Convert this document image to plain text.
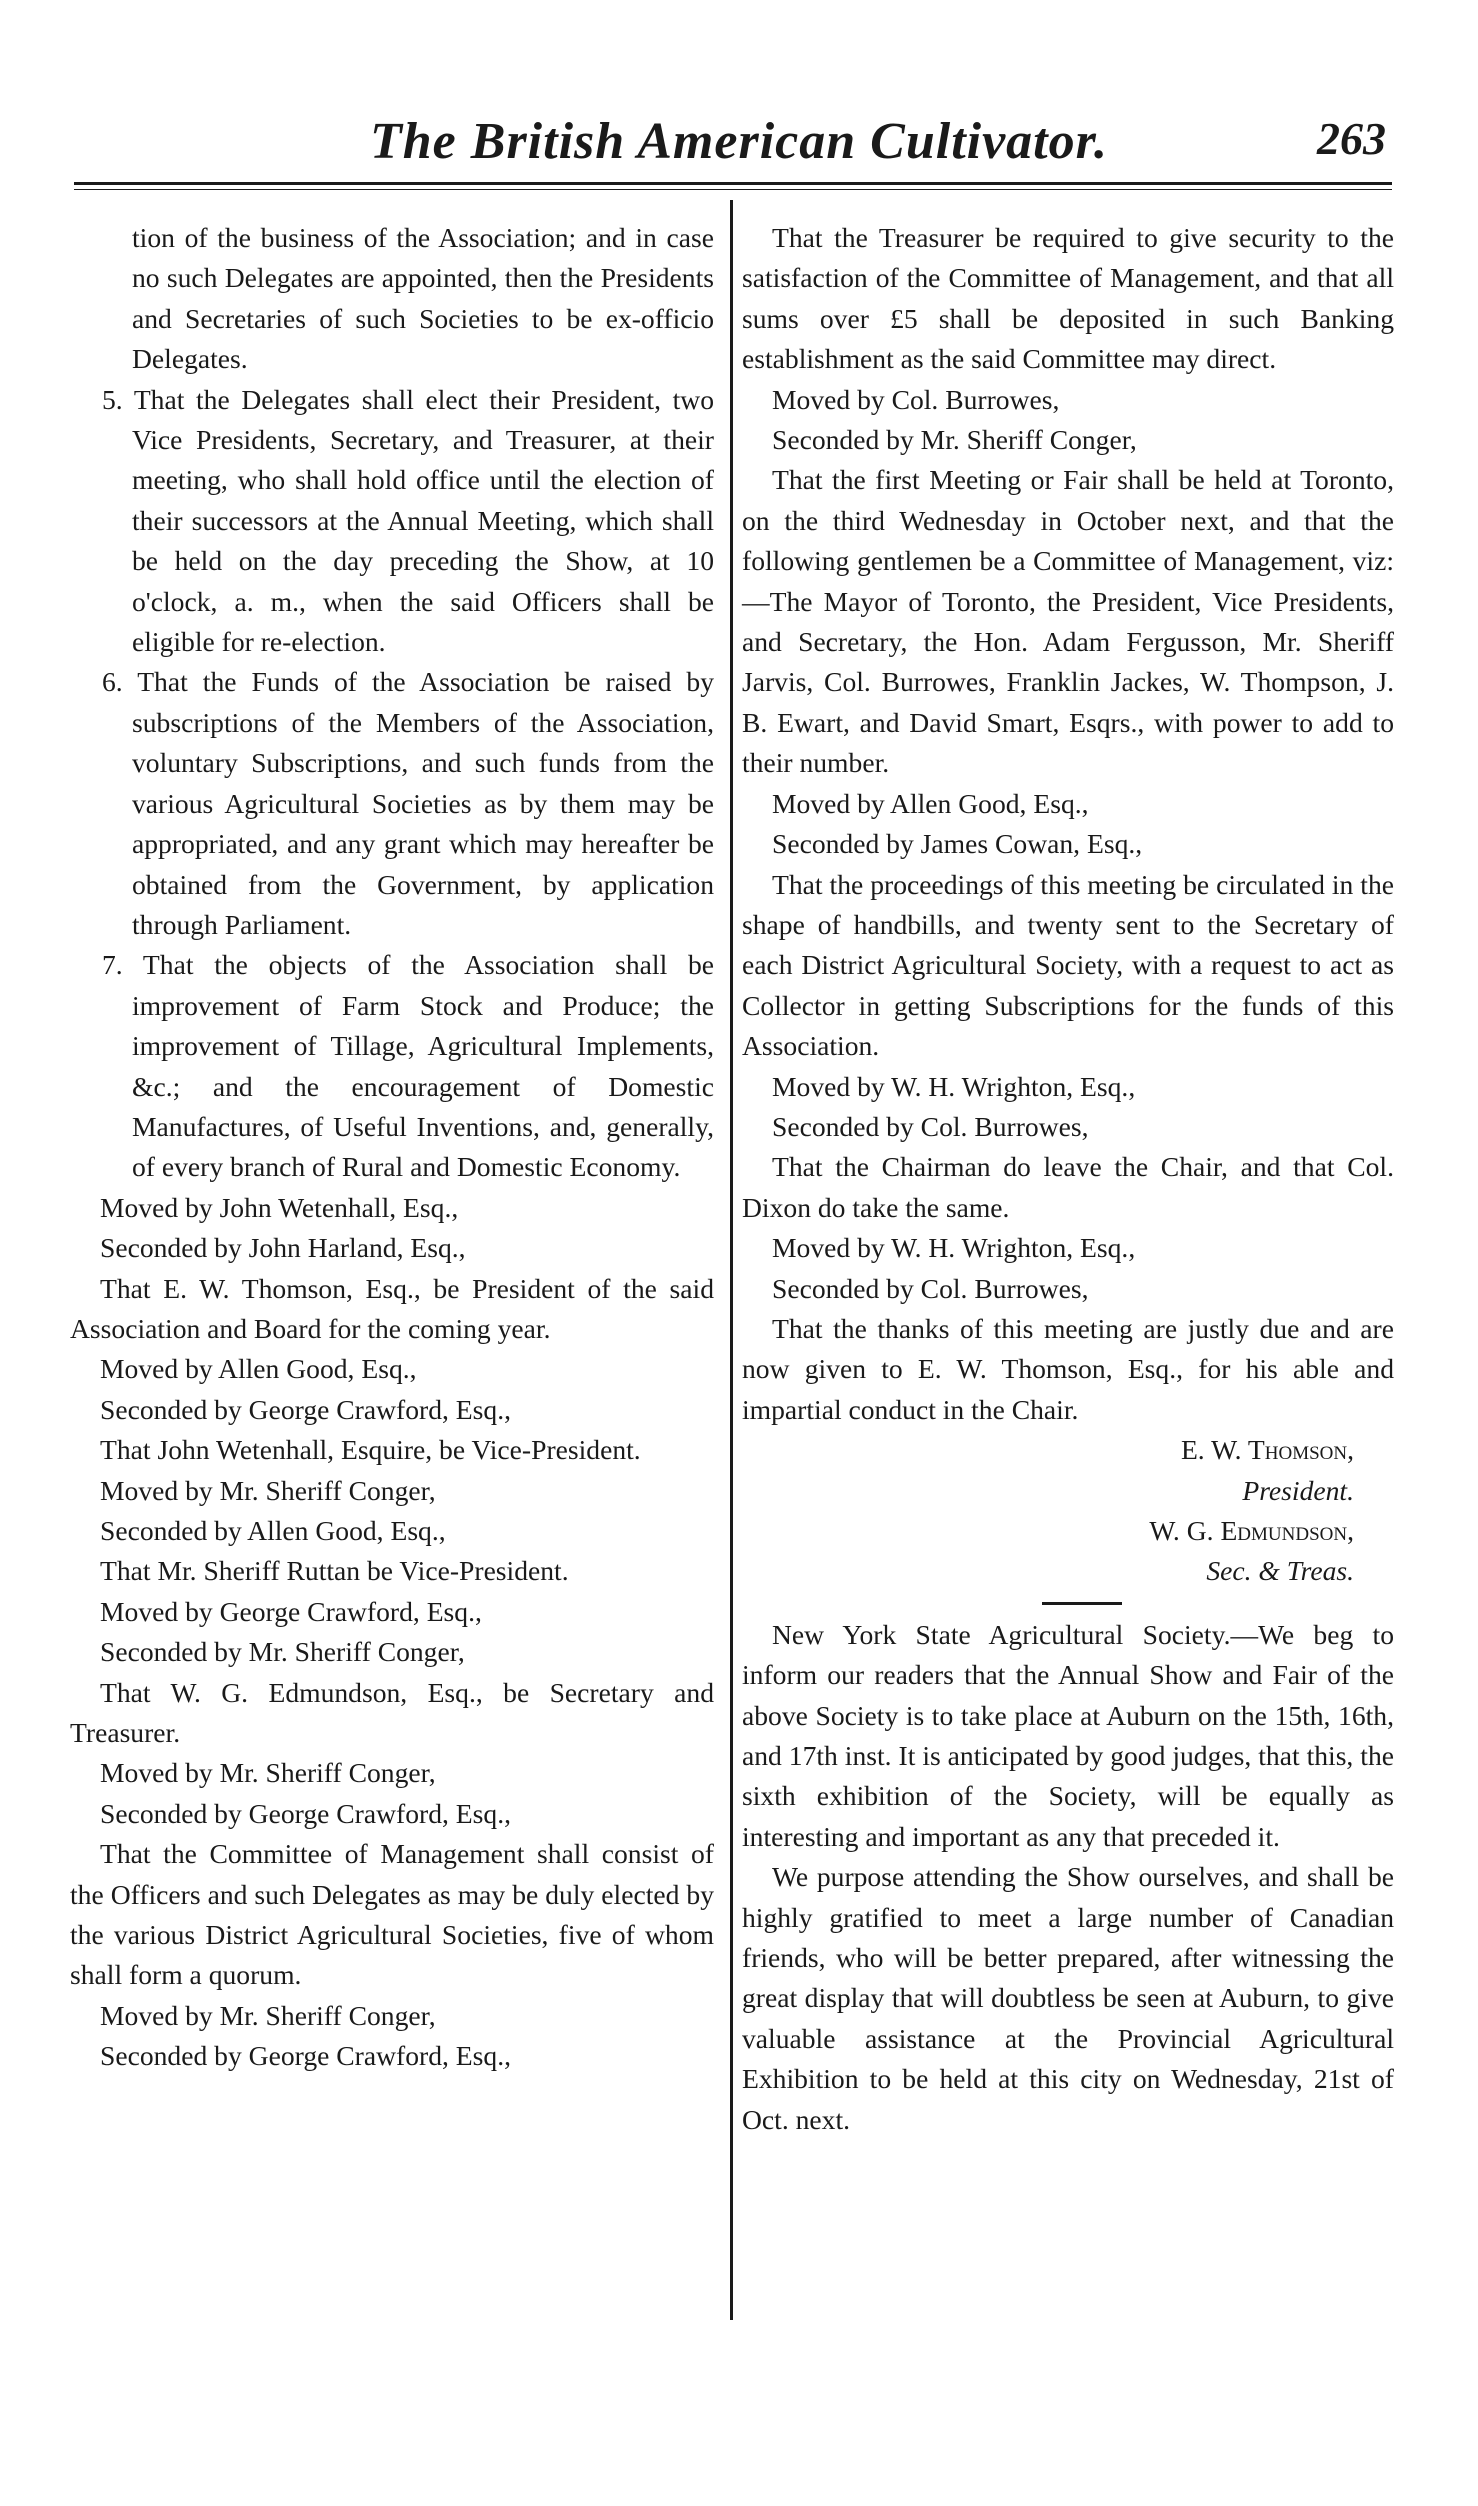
The British American Cultivator.	263

tion of the business of the Association; and in case no such Delegates are appointed, then the Presidents and Secretaries of such Societies to be ex-officio Delegates.

5. That the Delegates shall elect their President, two Vice Presidents, Secretary, and Treasurer, at their meeting, who shall hold office until the election of their successors at the Annual Meeting, which shall be held on the day preceding the Show, at 10 o'clock, a. m., when the said Officers shall be eligible for re-election.

6. That the Funds of the Association be raised by subscriptions of the Members of the Association, voluntary Subscriptions, and such funds from the various Agricultural Societies as by them may be appropriated, and any grant which may hereafter be obtained from the Government, by application through Parliament.

7. That the objects of the Association shall be improvement of Farm Stock and Produce; the improvement of Tillage, Agricultural Implements, &c.; and the encouragement of Domestic Manufactures, of Useful Inventions, and, generally, of every branch of Rural and Domestic Economy.

Moved by John Wetenhall, Esq.,

Seconded by John Harland, Esq.,

That E. W. Thomson, Esq., be President of the said Association and Board for the coming year.

Moved by Allen Good, Esq.,

Seconded by George Crawford, Esq.,

That John Wetenhall, Esquire, be Vice-President.

Moved by Mr. Sheriff Conger,

Seconded by Allen Good, Esq.,

That Mr. Sheriff Ruttan be Vice-President.

Moved by George Crawford, Esq.,

Seconded by Mr. Sheriff Conger,

That W. G. Edmundson, Esq., be Secretary and Treasurer.

Moved by Mr. Sheriff Conger,

Seconded by George Crawford, Esq.,

That the Committee of Management shall consist of the Officers and such Delegates as may be duly elected by the various District Agricultural Societies, five of whom shall form a quorum.

Moved by Mr. Sheriff Conger,

Seconded by George Crawford, Esq.,

That the Treasurer be required to give security to the satisfaction of the Committee of Management, and that all sums over £5 shall be deposited in such Banking establishment as the said Committee may direct.

Moved by Col. Burrowes,

Seconded by Mr. Sheriff Conger,

That the first Meeting or Fair shall be held at Toronto, on the third Wednesday in October next, and that the following gentlemen be a Committee of Management, viz:—The Mayor of Toronto, the President, Vice Presidents, and Secretary, the Hon. Adam Fergusson, Mr. Sheriff Jarvis, Col. Burrowes, Franklin Jackes, W. Thompson, J. B. Ewart, and David Smart, Esqrs., with power to add to their number.

Moved by Allen Good, Esq.,

Seconded by James Cowan, Esq.,

That the proceedings of this meeting be circulated in the shape of handbills, and twenty sent to the Secretary of each District Agricultural Society, with a request to act as Collector in getting Subscriptions for the funds of this Association.

Moved by W. H. Wrighton, Esq.,

Seconded by Col. Burrowes,

That the Chairman do leave the Chair, and that Col. Dixon do take the same.

Moved by W. H. Wrighton, Esq.,

Seconded by Col. Burrowes,

That the thanks of this meeting are justly due and are now given to E. W. Thomson, Esq., for his able and impartial conduct in the Chair.

E. W. Thomson,

President.

W. G. Edmundson,

Sec. & Treas.

New York State Agricultural Society.—We beg to inform our readers that the Annual Show and Fair of the above Society is to take place at Auburn on the 15th, 16th, and 17th inst. It is anticipated by good judges, that this, the sixth exhibition of the Society, will be equally as interesting and important as any that preceded it.

We purpose attending the Show ourselves, and shall be highly gratified to meet a large number of Canadian friends, who will be better prepared, after witnessing the great display that will doubtless be seen at Auburn, to give valuable assistance at the Provincial Agricultural Exhibition to be held at this city on Wednesday, 21st of Oct. next.
